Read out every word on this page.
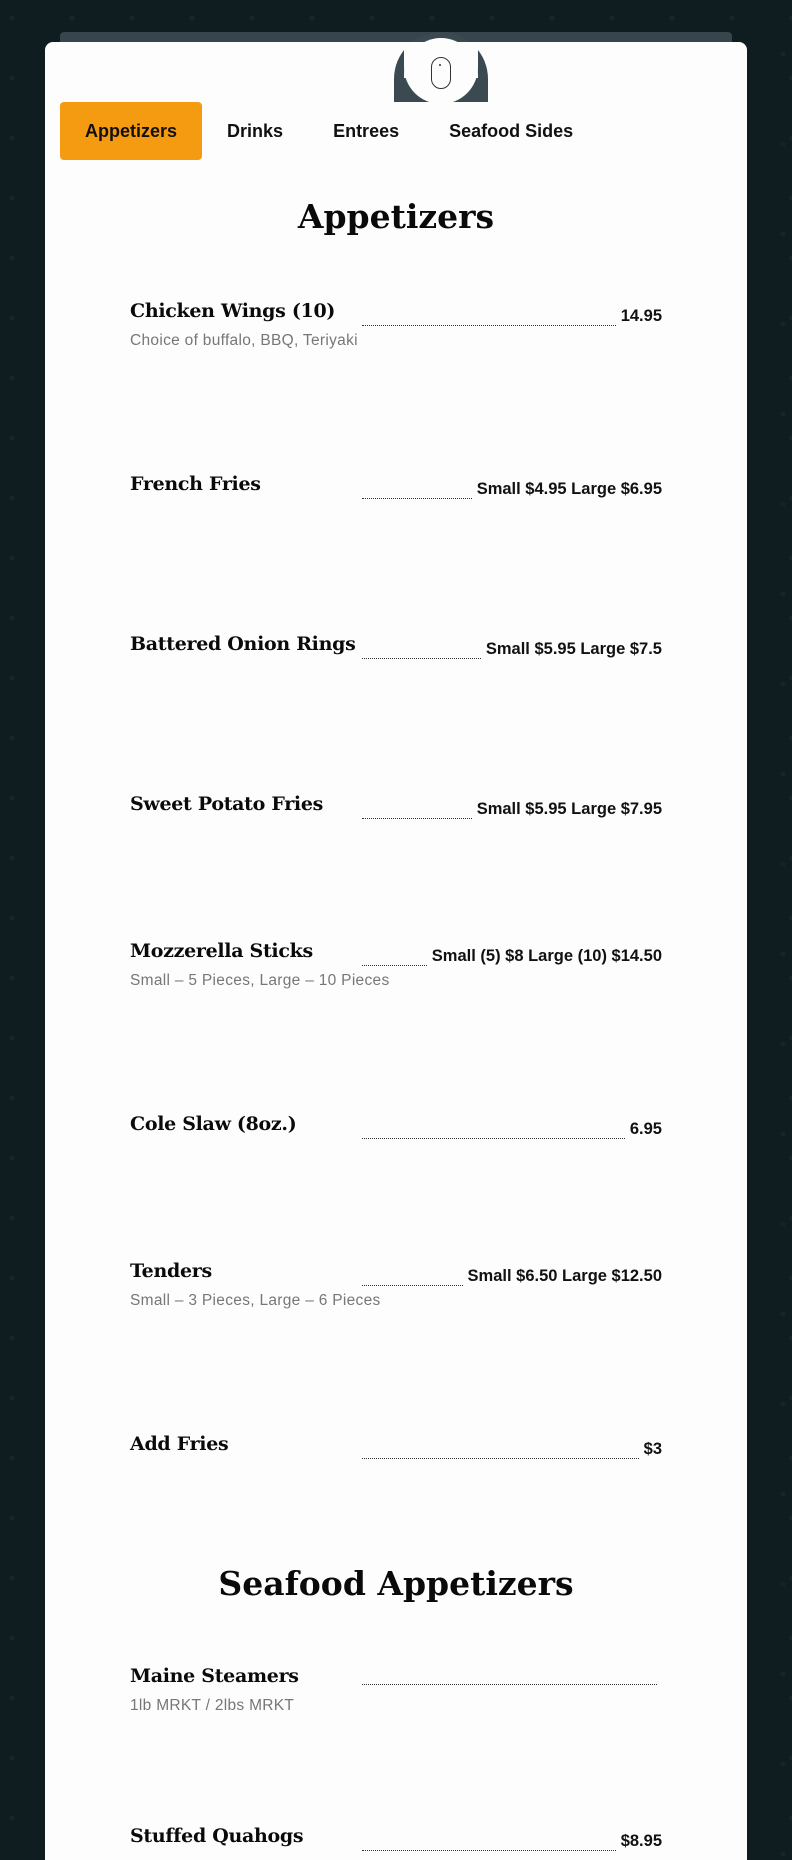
Appetizers	Drinks	Entrees	Seafood Sides
Appetizers
Chicken Wings (10)	14.95
Choice of buffalo, BBQ, Teriyaki
French Fries	Small $4.95 Large $6.95
Battered Onion Rings	Small $5.95 Large $7.5
Sweet Potato Fries	Small $5.95 Large $7.95
Mozzerella Sticks	Small (5) $8 Large (10) $14.50
Small – 5 Pieces, Large – 10 Pieces
Cole Slaw (8oz.)	6.95
Tenders	Small $6.50 Large $12.50
Small – 3 Pieces, Large – 6 Pieces
Add Fries	$3
Seafood Appetizers
Maine Steamers
1lb MRKT / 2lbs MRKT
Stuffed Quahogs	$8.95
